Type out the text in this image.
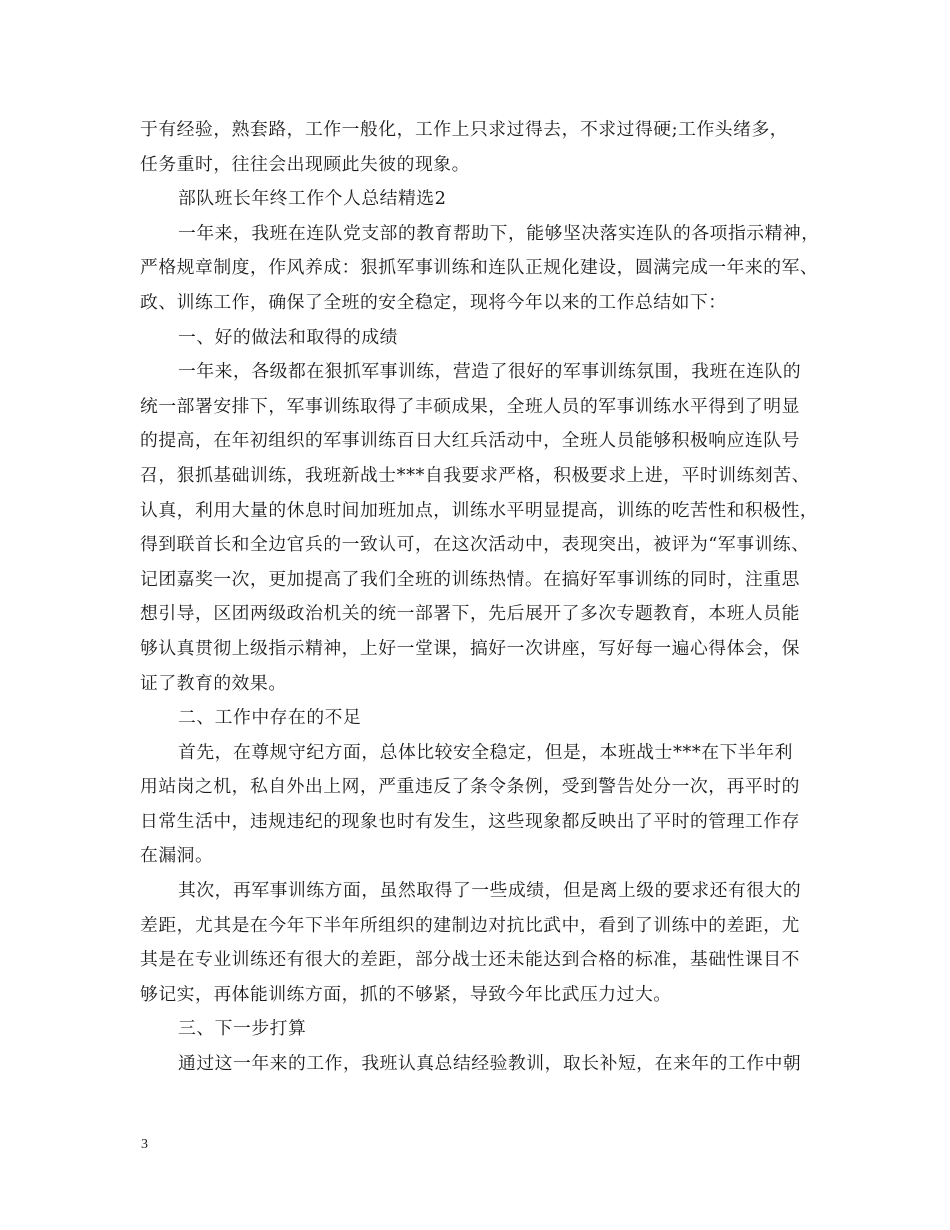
于有经验，熟套路，工作一般化，工作上只求过得去，不求过得硬;工作头绪多，
任务重时，往往会出现顾此失彼的现象。
部队班长年终工作个人总结精选2
一年来，我班在连队党支部的教育帮助下，能够坚决落实连队的各项指示精神，
严格规章制度，作风养成：狠抓军事训练和连队正规化建设，圆满完成一年来的军、
政、训练工作，确保了全班的安全稳定，现将今年以来的工作总结如下：
一、好的做法和取得的成绩
一年来，各级都在狠抓军事训练，营造了很好的军事训练氛围，我班在连队的
统一部署安排下，军事训练取得了丰硕成果，全班人员的军事训练水平得到了明显
的提高，在年初组织的军事训练百日大红兵活动中，全班人员能够积极响应连队号
召，狠抓基础训练，我班新战士***自我要求严格，积极要求上进，平时训练刻苦、
认真，利用大量的休息时间加班加点，训练水平明显提高，训练的吃苦性和积极性，
得到联首长和全边官兵的一致认可，在这次活动中，表现突出，被评为“军事训练、
记团嘉奖一次，更加提高了我们全班的训练热情。在搞好军事训练的同时，注重思
想引导，区团两级政治机关的统一部署下，先后展开了多次专题教育，本班人员能
够认真贯彻上级指示精神，上好一堂课，搞好一次讲座，写好每一遍心得体会，保
证了教育的效果。
二、工作中存在的不足
首先，在尊规守纪方面，总体比较安全稳定，但是，本班战士***在下半年利
用站岗之机，私自外出上网，严重违反了条令条例，受到警告处分一次，再平时的
日常生活中，违规违纪的现象也时有发生，这些现象都反映出了平时的管理工作存
在漏洞。
其次，再军事训练方面，虽然取得了一些成绩，但是离上级的要求还有很大的
差距，尤其是在今年下半年所组织的建制边对抗比武中，看到了训练中的差距，尤
其是在专业训练还有很大的差距，部分战士还未能达到合格的标准，基础性课目不
够记实，再体能训练方面，抓的不够紧，导致今年比武压力过大。
三、下一步打算
通过这一年来的工作，我班认真总结经验教训，取长补短，在来年的工作中朝
3
